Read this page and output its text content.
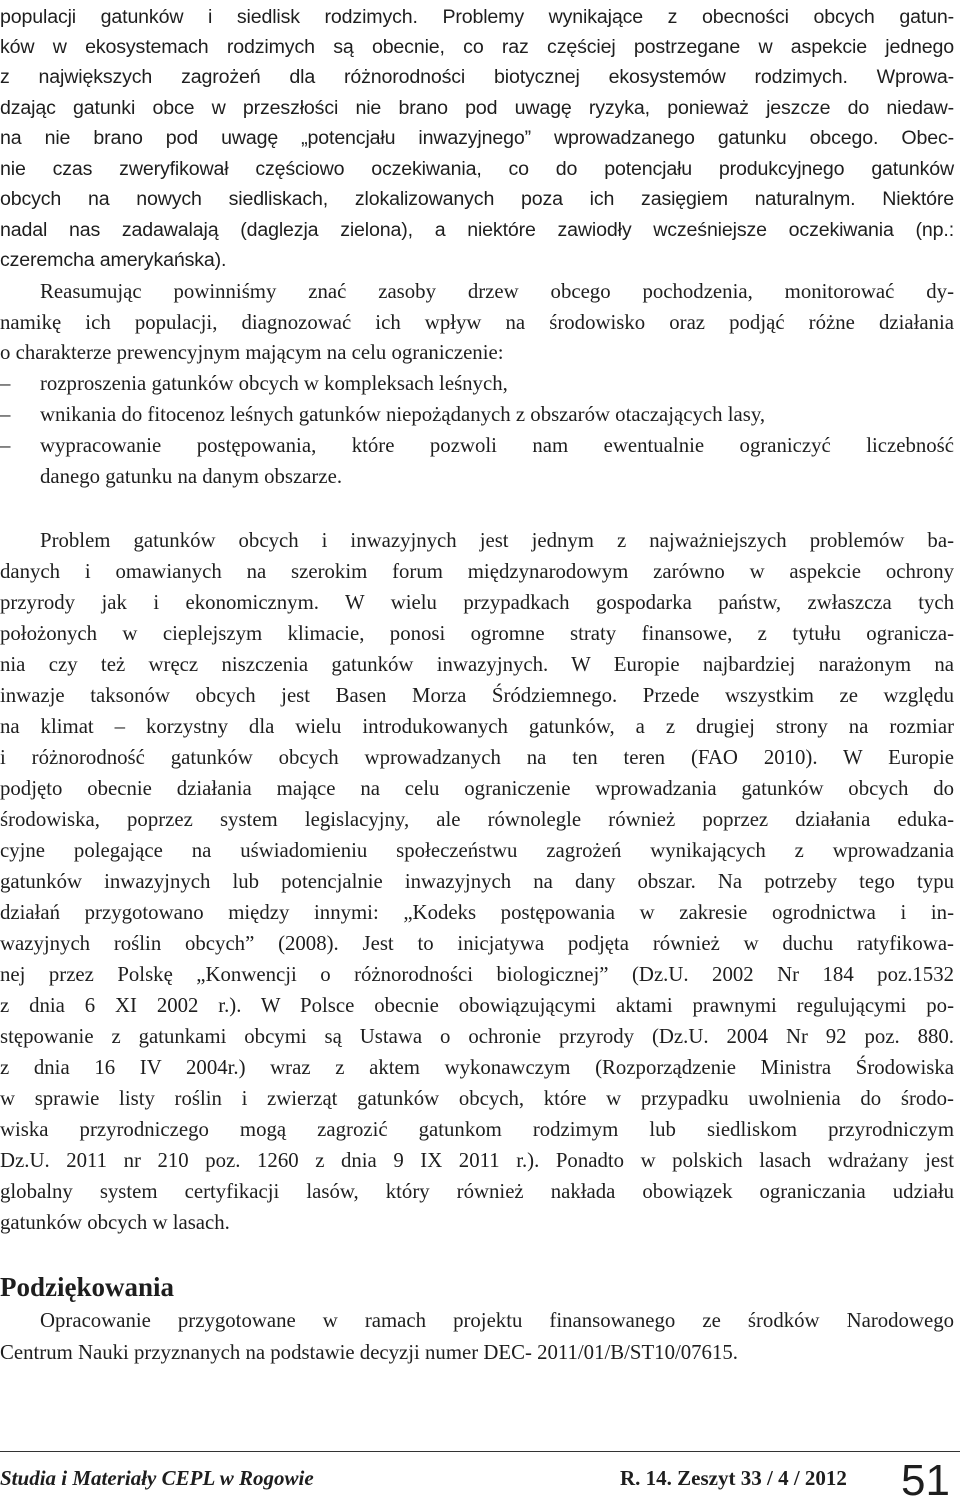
populacji gatunków i siedlisk rodzimych. Problemy wynikające z obecności obcych gatun-

ków w ekosystemach rodzimych są obecnie, co raz częściej postrzegane w aspekcie jednego

z największych zagrożeń dla różnorodności biotycznej ekosystemów rodzimych. Wprowa-

dzając gatunki obce w przeszłości nie brano pod uwagę ryzyka, ponieważ jeszcze do niedaw-

na nie brano pod uwagę „potencjału inwazyjnego” wprowadzanego gatunku obcego. Obec-

nie czas zweryfikował częściowo oczekiwania, co do potencjału produkcyjnego gatunków

obcych na nowych siedliskach, zlokalizowanych poza ich zasięgiem naturalnym. Niektóre

nadal nas zadawalają (daglezja zielona), a niektóre zawiodły wcześniejsze oczekiwania (np.:

czeremcha amerykańska).

Reasumując powinniśmy znać zasoby drzew obcego pochodzenia, monitorować dy-

namikę ich populacji, diagnozować ich wpływ na środowisko oraz podjąć różne działania

o charakterze prewencyjnym mającym na celu ograniczenie:

–	rozproszenia gatunków obcych w kompleksach leśnych,

–	wnikania do fitocenoz leśnych gatunków niepożądanych z obszarów otaczających lasy,

–	wypracowanie postępowania, które pozwoli nam ewentualnie ograniczyć liczebność

danego gatunku na danym obszarze.

Problem gatunków obcych i inwazyjnych jest jednym z najważniejszych problemów ba-

danych i omawianych na szerokim forum międzynarodowym zarówno w aspekcie ochrony

przyrody jak i ekonomicznym. W wielu przypadkach gospodarka państw, zwłaszcza tych

położonych w cieplejszym klimacie, ponosi ogromne straty finansowe, z tytułu ogranicza-

nia czy też wręcz niszczenia gatunków inwazyjnych. W Europie najbardziej narażonym na

inwazje taksonów obcych jest Basen Morza Śródziemnego. Przede wszystkim ze względu

na klimat – korzystny dla wielu introdukowanych gatunków, a z drugiej strony na rozmiar

i różnorodność gatunków obcych wprowadzanych na ten teren (FAO 2010). W Europie

podjęto obecnie działania mające na celu ograniczenie wprowadzania gatunków obcych do

środowiska, poprzez system legislacyjny, ale równolegle również poprzez działania eduka-

cyjne polegające na uświadomieniu społeczeństwu zagrożeń wynikających z wprowadzania

gatunków inwazyjnych lub potencjalnie inwazyjnych na dany obszar. Na potrzeby tego typu

działań przygotowano między innymi: „Kodeks postępowania w zakresie ogrodnictwa i in-

wazyjnych roślin obcych” (2008). Jest to inicjatywa podjęta również w duchu ratyfikowa-

nej przez Polskę „Konwencji o różnorodności biologicznej” (Dz.U. 2002 Nr 184 poz.1532

z dnia 6 XI 2002 r.). W Polsce obecnie obowiązującymi aktami prawnymi regulującymi po-

stępowanie z gatunkami obcymi są Ustawa o ochronie przyrody (Dz.U. 2004 Nr 92 poz. 880.

z dnia 16 IV 2004r.) wraz z aktem wykonawczym (Rozporządzenie Ministra Środowiska

w sprawie listy roślin i zwierząt gatunków obcych, które w przypadku uwolnienia do środo-

wiska przyrodniczego mogą zagrozić gatunkom rodzimym lub siedliskom przyrodniczym

Dz.U. 2011 nr 210 poz. 1260 z dnia 9 IX 2011 r.). Ponadto w polskich lasach wdrażany jest

globalny system certyfikacji lasów, który również nakłada obowiązek ograniczania udziału

gatunków obcych w lasach.

Podziękowania

Opracowanie przygotowane w ramach projektu finansowanego ze środków Narodowego

Centrum Nauki przyznanych na podstawie decyzji numer DEC- 2011/01/B/ST10/07615.

Studia i Materiały CEPL w Rogowie	R. 14. Zeszyt 33 / 4 / 2012 51
